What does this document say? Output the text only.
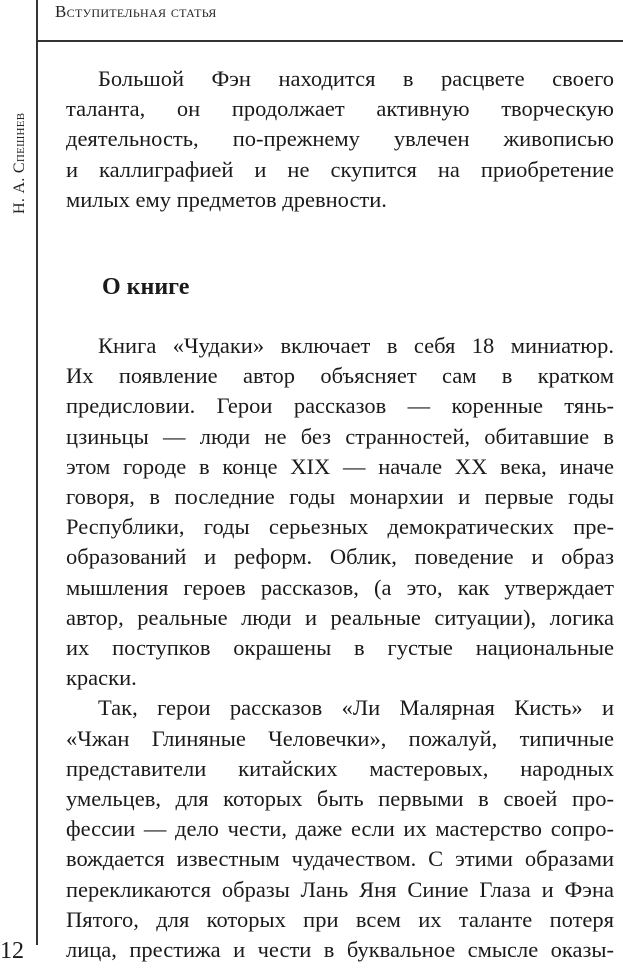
Вступительная статья
Н. А. Спешнев

Большой Фэн находится в расцвете своего
таланта, он продолжает активную творческую
деятельность, по-прежнему увлечен живописью
и каллиграфией и не скупится на приобретение
милых ему предметов древности.

О книге

Книга «Чудаки» включает в себя 18 миниатюр.
Их появление автор объясняет сам в кратком
предисловии. Герои рассказов — коренные тянь-
цзиньцы — люди не без странностей, обитавшие в
этом городе в конце XIX — начале XX века, иначе
говоря, в последние годы монархии и первые годы
Республики, годы серьезных демократических пре-
образований и реформ. Облик, поведение и образ
мышления героев рассказов, (а это, как утверждает
автор, реальные люди и реальные ситуации), логика
их поступков окрашены в густые национальные
краски.

Так, герои рассказов «Ли Малярная Кисть» и
«Чжан Глиняные Человечки», пожалуй, типичные
представители китайских мастеровых, народных
умельцев, для которых быть первыми в своей про-
фессии — дело чести, даже если их мастерство сопро-
вождается известным чудачеством. С этими образами
перекликаются образы Лань Яня Синие Глаза и Фэна
Пятого, для которых при всем их таланте потеря
лица, престижа и чести в буквальное смысле оказы-

12
